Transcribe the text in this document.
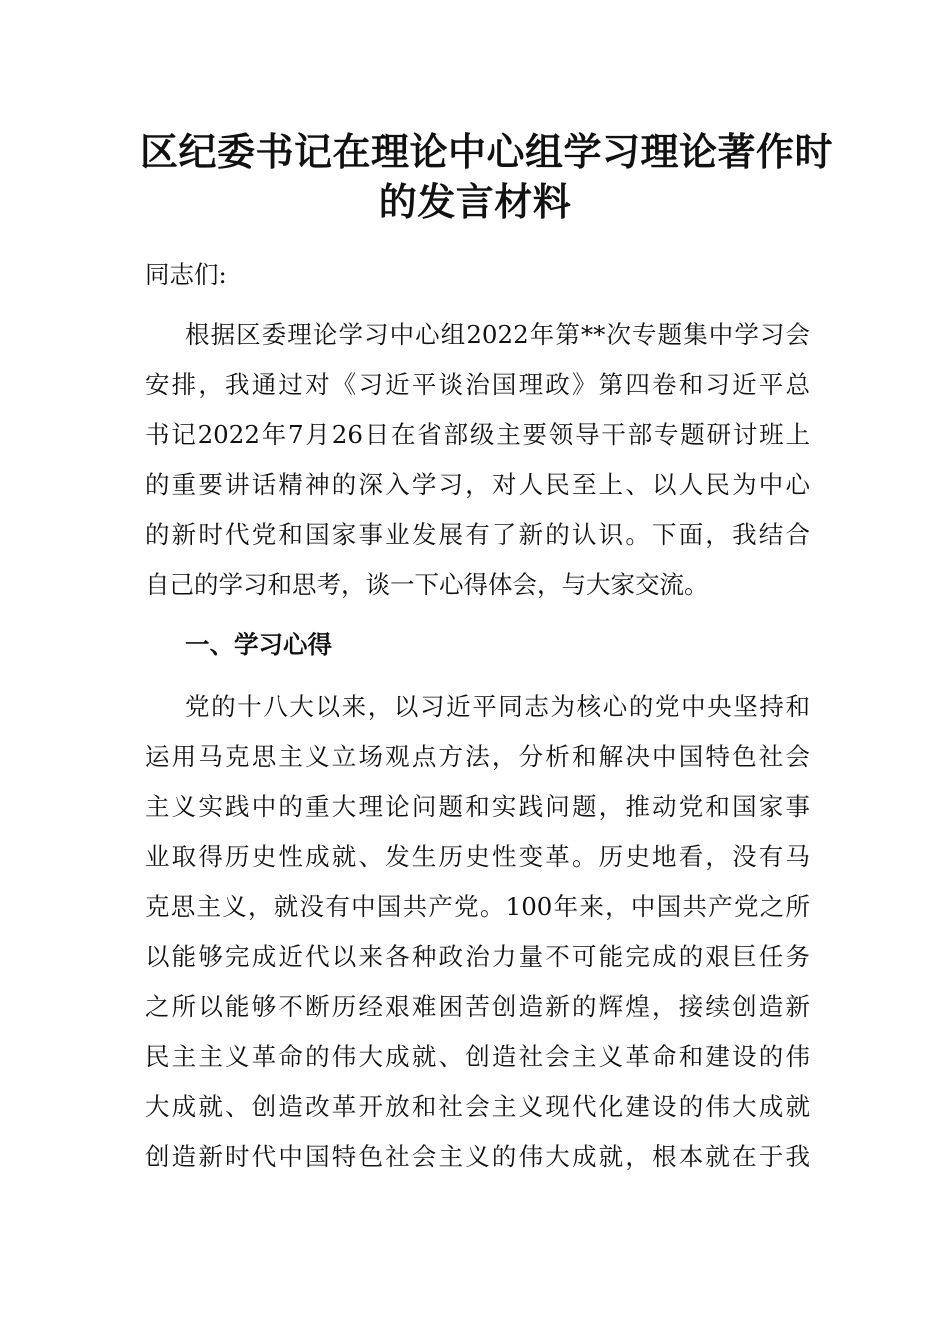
区纪委书记在理论中心组学习理论著作时
的发言材料
同志们:
根据区委理论学习中心组2022年第**次专题集中学习会
安排，我通过对《习近平谈治国理政》第四卷和习近平总
书记2022年7月26日在省部级主要领导干部专题研讨班上
的重要讲话精神的深入学习，对人民至上、以人民为中心
的新时代党和国家事业发展有了新的认识。下面，我结合
自己的学习和思考，谈一下心得体会，与大家交流。
一、学习心得
党的十八大以来，以习近平同志为核心的党中央坚持和
运用马克思主义立场观点方法，分析和解决中国特色社会
主义实践中的重大理论问题和实践问题，推动党和国家事
业取得历史性成就、发生历史性变革。历史地看，没有马
克思主义，就没有中国共产党。100年来，中国共产党之所
以能够完成近代以来各种政治力量不可能完成的艰巨任务
之所以能够不断历经艰难困苦创造新的辉煌，接续创造新
民主主义革命的伟大成就、创造社会主义革命和建设的伟
大成就、创造改革开放和社会主义现代化建设的伟大成就
创造新时代中国特色社会主义的伟大成就，根本就在于我
